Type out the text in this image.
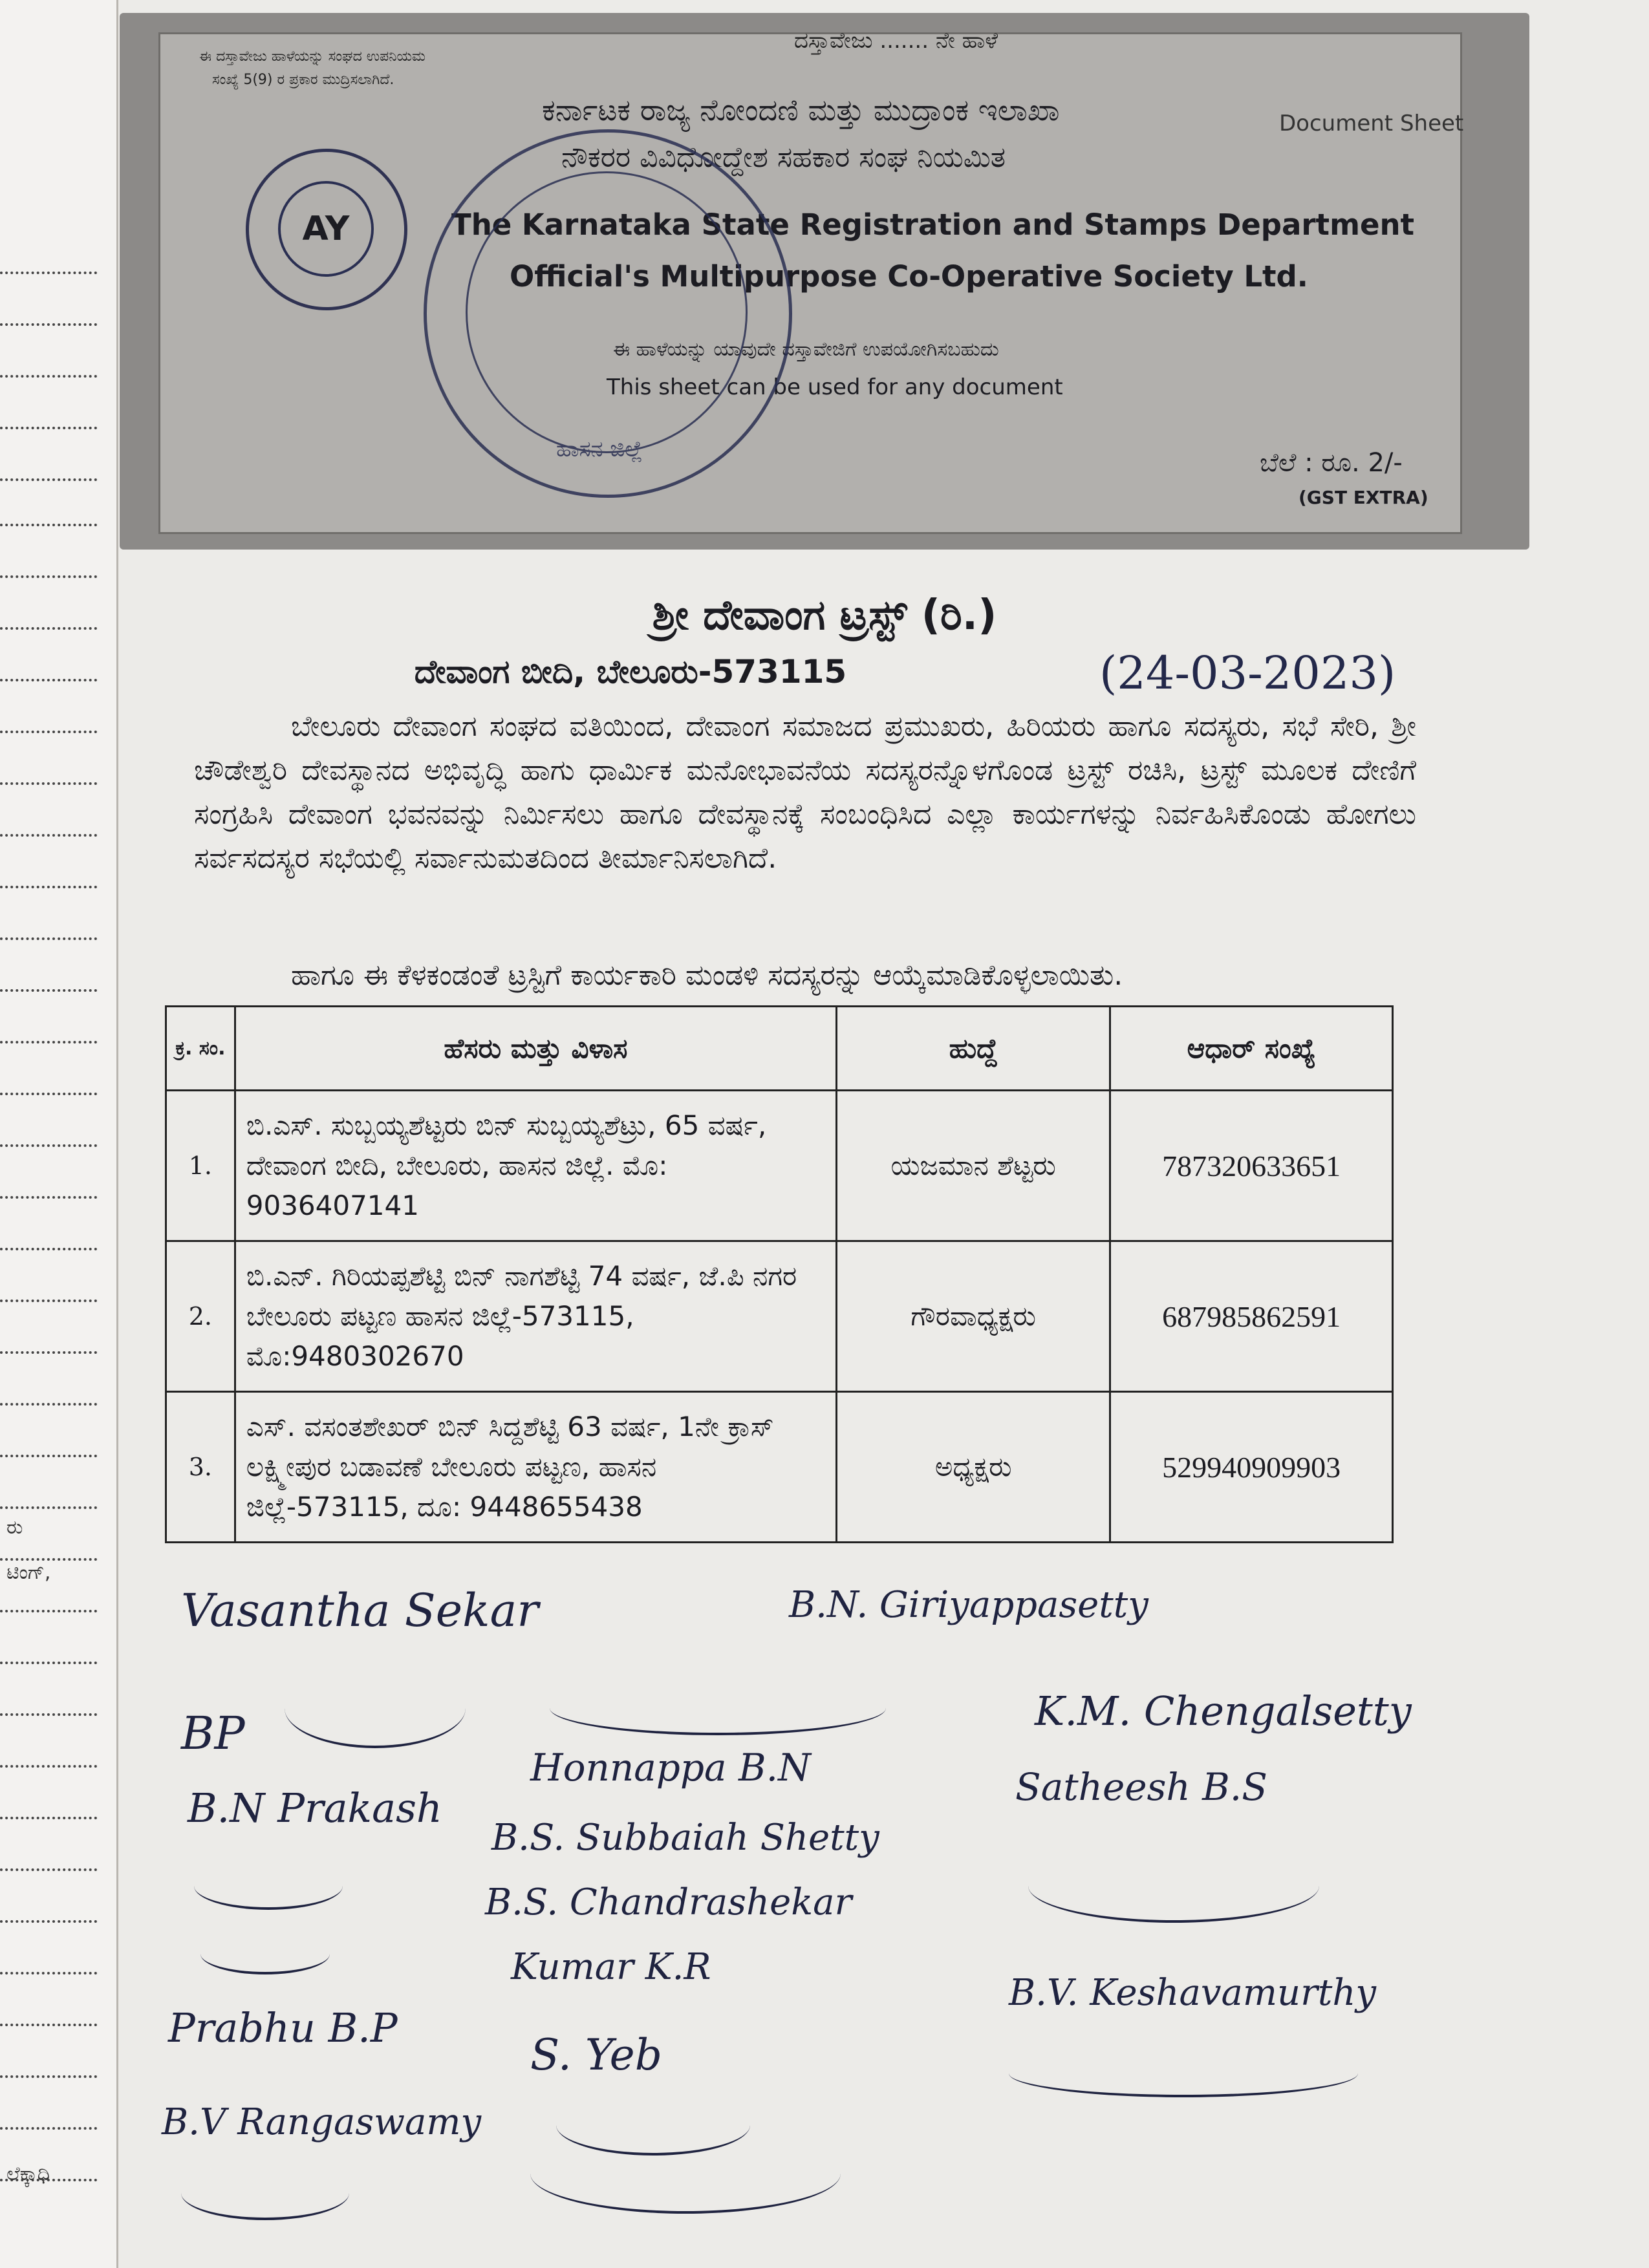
ರು
ಟಿಂಗ್,
ಲೆಕ್ಕಾಧಿ
ಈ ದಸ್ತಾವೇಜು ಹಾಳೆಯನ್ನು ಸಂಘದ ಉಪನಿಯಮ
ಸಂಖ್ಯೆ 5(9) ರ ಪ್ರಕಾರ ಮುದ್ರಿಸಲಾಗಿದೆ.
ದಸ್ತಾವೇಜು ....... ನೇ ಹಾಳೆ
Document Sheet
ಕರ್ನಾಟಕ ರಾಜ್ಯ ನೋಂದಣಿ ಮತ್ತು ಮುದ್ರಾಂಕ ಇಲಾಖಾ
ನೌಕರರ ವಿವಿಧೋದ್ದೇಶ ಸಹಕಾರ ಸಂಘ ನಿಯಮಿತ
The Karnataka State Registration and Stamps Department
Official's Multipurpose Co-Operative Society Ltd.
ಈ ಹಾಳೆಯನ್ನು ಯಾವುದೇ ದಸ್ತಾವೇಜಿಗೆ ಉಪಯೋಗಿಸಬಹುದು
This sheet can be used for any document
ಬೆಲೆ : ರೂ. 2/-
(GST EXTRA)
AY
ಹಾಸನ ಜಿಲ್ಲೆ
ಶ್ರೀ ದೇವಾಂಗ ಟ್ರಸ್ಟ್ (ರಿ.)
ದೇವಾಂಗ ಬೀದಿ, ಬೇಲೂರು-573115	(24-03-2023)

ಬೇಲೂರು ದೇವಾಂಗ ಸಂಘದ ವತಿಯಿಂದ, ದೇವಾಂಗ ಸಮಾಜದ ಪ್ರಮುಖರು, ಹಿರಿಯರು ಹಾಗೂ ಸದಸ್ಯರು, ಸಭೆ ಸೇರಿ, ಶ್ರೀ ಚೌಡೇಶ್ವರಿ ದೇವಸ್ಥಾನದ ಅಭಿವೃದ್ಧಿ ಹಾಗು ಧಾರ್ಮಿಕ ಮನೋಭಾವನೆಯ ಸದಸ್ಯರನ್ನೊಳಗೊಂಡ ಟ್ರಸ್ಟ್ ರಚಿಸಿ, ಟ್ರಸ್ಟ್ ಮೂಲಕ ದೇಣಿಗೆ ಸಂಗ್ರಹಿಸಿ ದೇವಾಂಗ ಭವನವನ್ನು ನಿರ್ಮಿಸಲು ಹಾಗೂ ದೇವಸ್ಥಾನಕ್ಕೆ ಸಂಬಂಧಿಸಿದ ಎಲ್ಲಾ ಕಾರ್ಯಗಳನ್ನು ನಿರ್ವಹಿಸಿಕೊಂಡು ಹೋಗಲು ಸರ್ವಸದಸ್ಯರ ಸಭೆಯಲ್ಲಿ ಸರ್ವಾನುಮತದಿಂದ ತೀರ್ಮಾನಿಸಲಾಗಿದೆ.

ಹಾಗೂ ಈ ಕೆಳಕಂಡಂತೆ ಟ್ರಸ್ಟಿಗೆ ಕಾರ್ಯಕಾರಿ ಮಂಡಳಿ ಸದಸ್ಯರನ್ನು ಆಯ್ಕೆಮಾಡಿಕೊಳ್ಳಲಾಯಿತು.

ಕ್ರ. ಸಂ.	ಹೆಸರು ಮತ್ತು ವಿಳಾಸ	ಹುದ್ದೆ	ಆಧಾರ್ ಸಂಖ್ಯೆ
1.	ಬಿ.ಎಸ್. ಸುಬ್ಬಯ್ಯಶೆಟ್ಟರು ಬಿನ್ ಸುಬ್ಬಯ್ಯಶೆಟ್ರು, 65 ವರ್ಷ, ದೇವಾಂಗ ಬೀದಿ, ಬೇಲೂರು, ಹಾಸನ ಜಿಲ್ಲೆ. ಮೊ: 9036407141	ಯಜಮಾನ ಶೆಟ್ಟರು	787320633651
2.	ಬಿ.ಎನ್. ಗಿರಿಯಪ್ಪಶೆಟ್ಟಿ ಬಿನ್ ನಾಗಶೆಟ್ಟಿ 74 ವರ್ಷ, ಜೆ.ಪಿ ನಗರ ಬೇಲೂರು ಪಟ್ಟಣ ಹಾಸನ ಜಿಲ್ಲೆ-573115, ಮೊ:9480302670	ಗೌರವಾಧ್ಯಕ್ಷರು	687985862591
3.	ಎಸ್. ವಸಂತಶೇಖರ್ ಬಿನ್ ಸಿದ್ದಶೆಟ್ಟಿ 63 ವರ್ಷ, 1ನೇ ಕ್ರಾಸ್ ಲಕ್ಷ್ಮೀಪುರ ಬಡಾವಣೆ ಬೇಲೂರು ಪಟ್ಟಣ, ಹಾಸನ ಜಿಲ್ಲೆ-573115, ದೂ: 9448655438	ಅಧ್ಯಕ್ಷರು	529940909903
Vasantha Sekar	B.N. Giriyappasetty
BP	K.M. Chengalsetty
B.N Prakash
Honnappa B.N	Satheesh B.S
B.S. Subbaiah Shetty
B.S. Chandrashekar
Kumar K.R
B.V. Keshavamurthy
Prabhu B.P
B.V Rangaswamy
S. Yeb
